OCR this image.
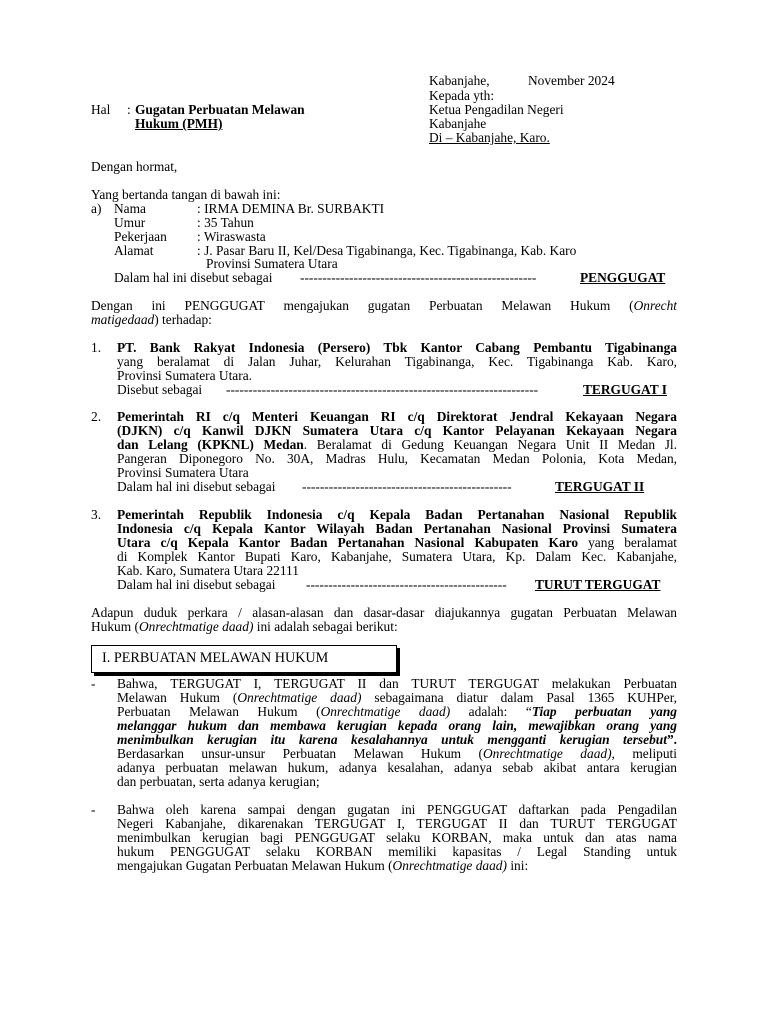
Kabanjahe,	November 2024
Kepada yth:
Ketua Pengadilan Negeri
Kabanjahe
Di – Kabanjahe, Karo.
Hal : Gugatan Perbuatan Melawan
Hukum (PMH)
Dengan hormat,
Yang bertanda tangan di bawah ini:
a) Nama	: IRMA DEMINA Br. SURBAKTI
Umur	: 35 Tahun
Pekerjaan : Wiraswasta
Alamat	: J. Pasar Baru II, Kel/Desa Tigabinanga, Kec. Tigabinanga, Kab. Karo
Provinsi Sumatera Utara
Dalam hal ini disebut sebagai -----------------------------------------------------	PENGGUGAT
Dengan ini PENGGUGAT mengajukan gugatan Perbuatan Melawan Hukum (Onrecht
matigedaad) terhadap:
1. PT. Bank Rakyat Indonesia (Persero) Tbk Kantor Cabang Pembantu Tigabinanga
yang beralamat di Jalan Juhar, Kelurahan Tigabinanga, Kec. Tigabinanga Kab. Karo,
Provinsi Sumatera Utara.
Disebut sebagai ----------------------------------------------------------------------	TERGUGAT I
2. Pemerintah RI c/q Menteri Keuangan RI c/q Direktorat Jendral Kekayaan Negara
(DJKN) c/q Kanwil DJKN Sumatera Utara c/q Kantor Pelayanan Kekayaan Negara
dan Lelang (KPKNL) Medan. Beralamat di Gedung Keuangan Negara Unit II Medan Jl.
Pangeran Diponegoro No. 30A, Madras Hulu, Kecamatan Medan Polonia, Kota Medan,
Provinsi Sumatera Utara
Dalam hal ini disebut sebagai -----------------------------------------------	TERGUGAT II
3. Pemerintah Republik Indonesia c/q Kepala Badan Pertanahan Nasional Republik
Indonesia c/q Kepala Kantor Wilayah Badan Pertanahan Nasional Provinsi Sumatera
Utara c/q Kepala Kantor Badan Pertanahan Nasional Kabupaten Karo yang beralamat
di Komplek Kantor Bupati Karo, Kabanjahe, Sumatera Utara, Kp. Dalam Kec. Kabanjahe,
Kab. Karo, Sumatera Utara 22111
Dalam hal ini disebut sebagai --------------------------------------------- TURUT TERGUGAT
Adapun duduk perkara / alasan-alasan dan dasar-dasar diajukannya gugatan Perbuatan Melawan
Hukum (Onrechtmatige daad) ini adalah sebagai berikut:
I. PERBUATAN MELAWAN HUKUM
- Bahwa, TERGUGAT I, TERGUGAT II dan TURUT TERGUGAT melakukan Perbuatan
Melawan Hukum (Onrechtmatige daad) sebagaimana diatur dalam Pasal 1365 KUHPer,
Perbuatan Melawan Hukum (Onrechtmatige daad) adalah: “Tiap perbuatan yang
melanggar hukum dan membawa kerugian kepada orang lain, mewajibkan orang yang
menimbulkan kerugian itu karena kesalahannya untuk mengganti kerugian tersebut”.
Berdasarkan unsur-unsur Perbuatan Melawan Hukum (Onrechtmatige daad), meliputi
adanya perbuatan melawan hukum, adanya kesalahan, adanya sebab akibat antara kerugian
dan perbuatan, serta adanya kerugian;
- Bahwa oleh karena sampai dengan gugatan ini PENGGUGAT daftarkan pada Pengadilan
Negeri Kabanjahe, dikarenakan TERGUGAT I, TERGUGAT II dan TURUT TERGUGAT
menimbulkan kerugian bagi PENGGUGAT selaku KORBAN, maka untuk dan atas nama
hukum PENGGUGAT selaku KORBAN memiliki kapasitas / Legal Standing untuk
mengajukan Gugatan Perbuatan Melawan Hukum (Onrechtmatige daad) ini:
